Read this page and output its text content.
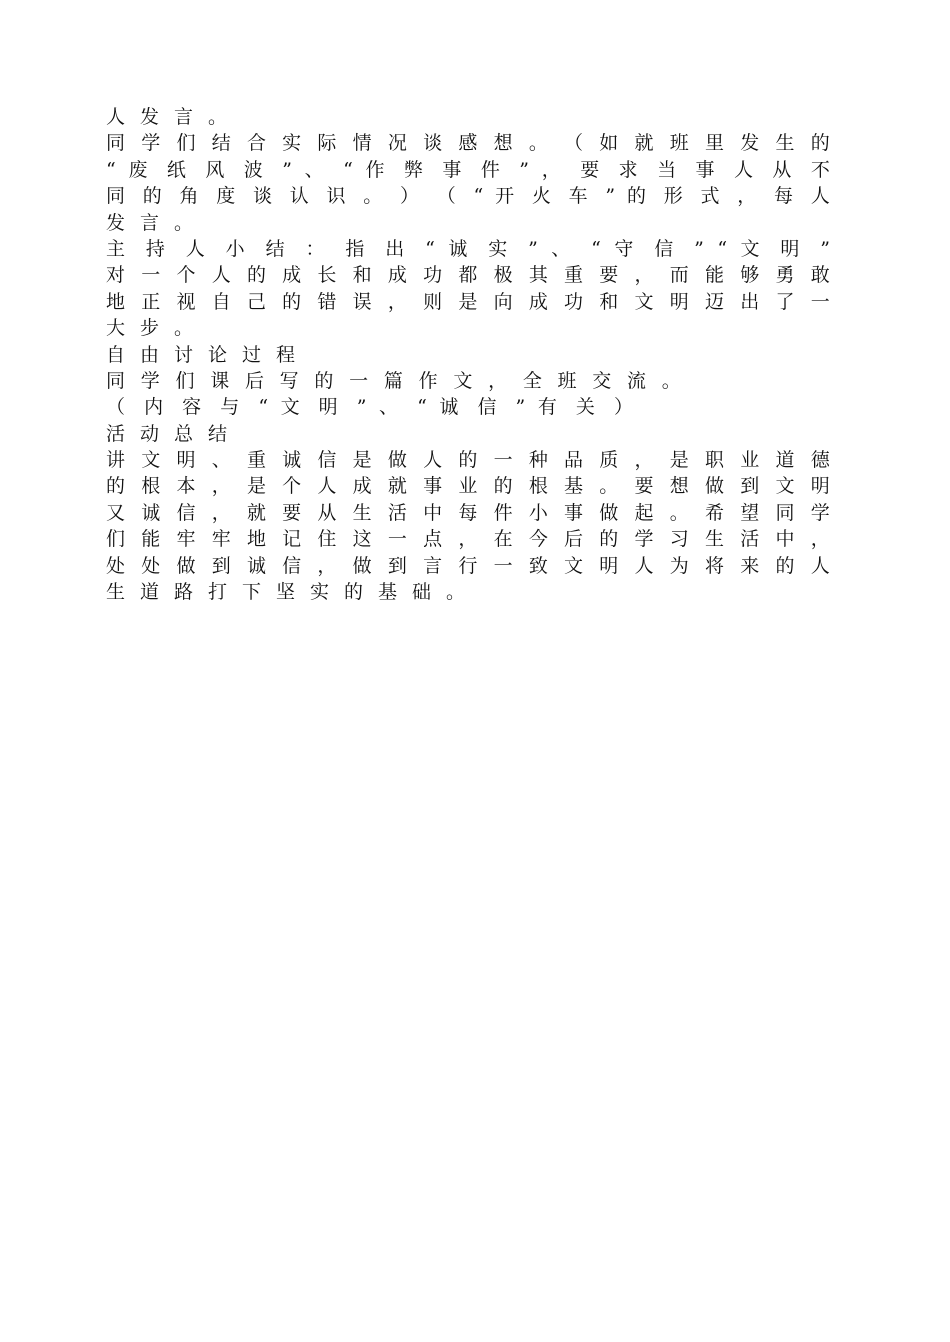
人发言。
同 学 们 结 合 实 际 情 况 谈 感 想 。 （ 如 就 班 里 发 生 的
“ 废 纸 风 波 ” 、 “ 作 弊 事 件 ” ， 要 求 当 事 人 从 不
同 的 角 度 谈 认 识 。 ） （ “ 开 火 车 ” 的 形 式 ， 每 人
发言。
主 持 人 小 结 ： 指 出 “ 诚 实 ” 、 “ 守 信 ” “ 文 明 ”
对 一 个 人 的 成 长 和 成 功 都 极 其 重 要 ， 而 能 够 勇 敢
地 正 视 自 己 的 错 误 ， 则 是 向 成 功 和 文 明 迈 出 了 一
大步。
自由讨论过程
同 学 们 课 后 写 的 一 篇 作 文 ， 全 班 交 流 。
（ 内 容 与 “ 文 明 ” 、 “ 诚 信 ” 有 关 ）
活动总结
讲 文 明 、 重 诚 信 是 做 人 的 一 种 品 质 ， 是 职 业 道 德
的 根 本 ， 是 个 人 成 就 事 业 的 根 基 。 要 想 做 到 文 明
又 诚 信 ， 就 要 从 生 活 中 每 件 小 事 做 起 。 希 望 同 学
们 能 牢 牢 地 记 住 这 一 点 ， 在 今 后 的 学 习 生 活 中 ，
处 处 做 到 诚 信 ， 做 到 言 行 一 致 文 明 人 为 将 来 的 人
生道路打下坚实的基础。
